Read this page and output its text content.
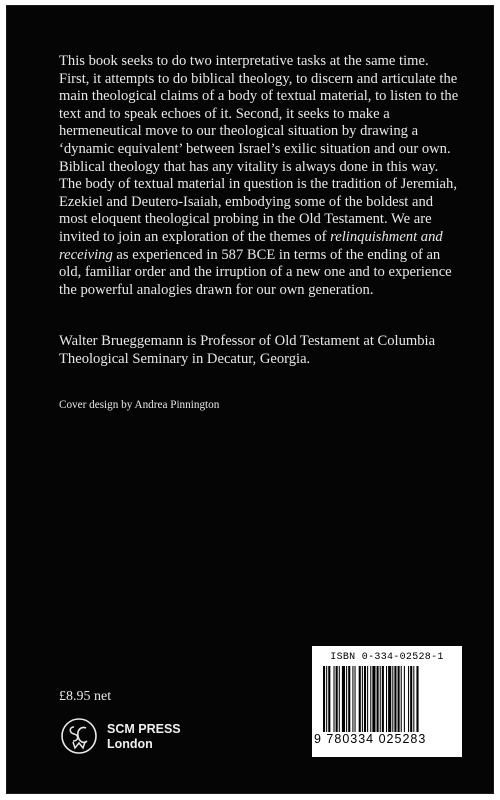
This book seeks to do two interpretative tasks at the same time. First, it attempts to do biblical theology, to discern and articulate the main theological claims of a body of textual material, to listen to the text and to speak echoes of it. Second, it seeks to make a hermeneutical move to our theological situation by drawing a ‘dynamic equivalent’ between Israel’s exilic situation and our own. Biblical theology that has any vitality is always done in this way. The body of textual material in question is the tradition of Jeremiah, Ezekiel and Deutero-Isaiah, embodying some of the boldest and most eloquent theological probing in the Old Testament. We are invited to join an exploration of the themes of relinquishment and receiving as experienced in 587 BCE in terms of the ending of an old, familiar order and the irruption of a new one and to experience the powerful analogies drawn for our own generation.

Walter Brueggemann is Professor of Old Testament at Columbia Theological Seminary in Decatur, Georgia.

Cover design by Andrea Pinnington

£8.95 net

SCM PRESS
London
ISBN 0-334-02528-1
9 780334 025283
